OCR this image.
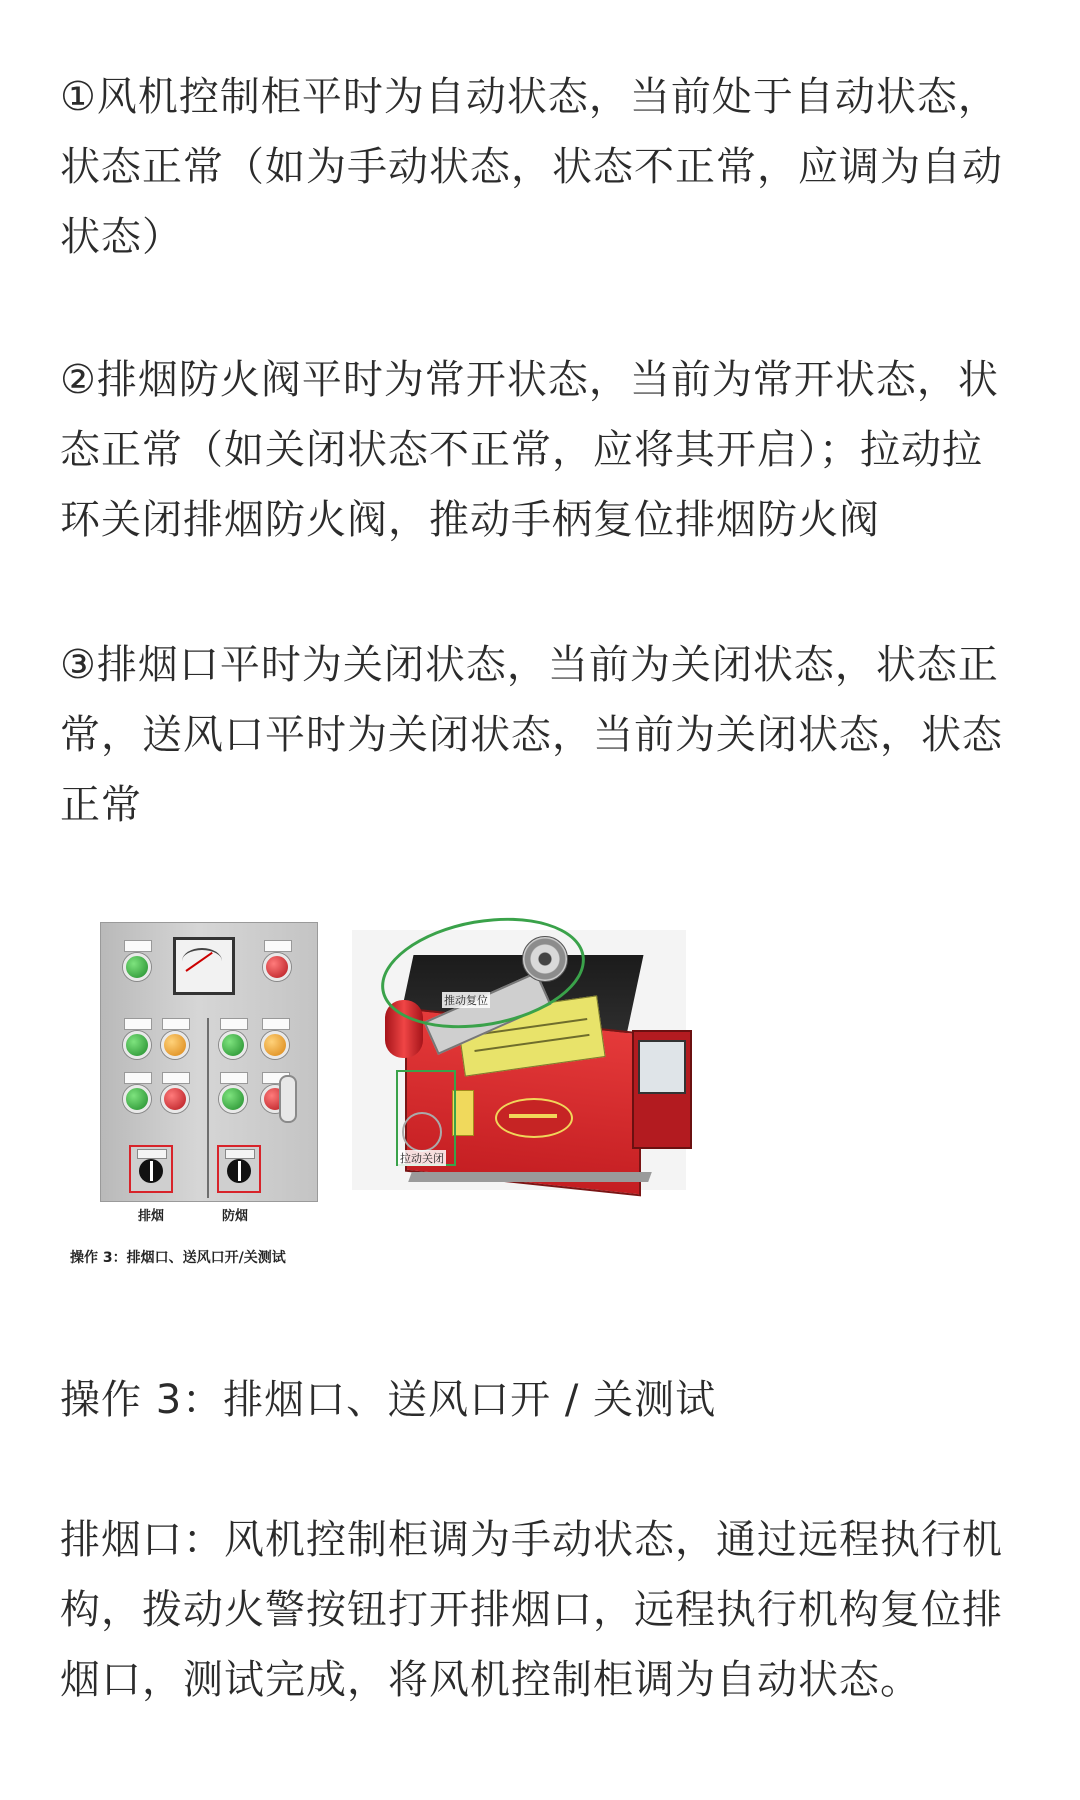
①风机控制柜平时为自动状态，当前处于自动状态，状态正常（如为手动状态，状态不正常，应调为自动状态）

②排烟防火阀平时为常开状态，当前为常开状态，状态正常（如关闭状态不正常，应将其开启）；拉动拉环关闭排烟防火阀，推动手柄复位排烟防火阀

③排烟口平时为关闭状态，当前为关闭状态，状态正常，送风口平时为关闭状态，当前为关闭状态，状态正常

排烟	防烟
推动复位
拉动关闭
操作 3：排烟口、送风口开/关测试

操作 3：排烟口、送风口开 / 关测试

排烟口：风机控制柜调为手动状态，通过远程执行机构，拨动火警按钮打开排烟口，远程执行机构复位排烟口，测试完成，将风机控制柜调为自动状态。
